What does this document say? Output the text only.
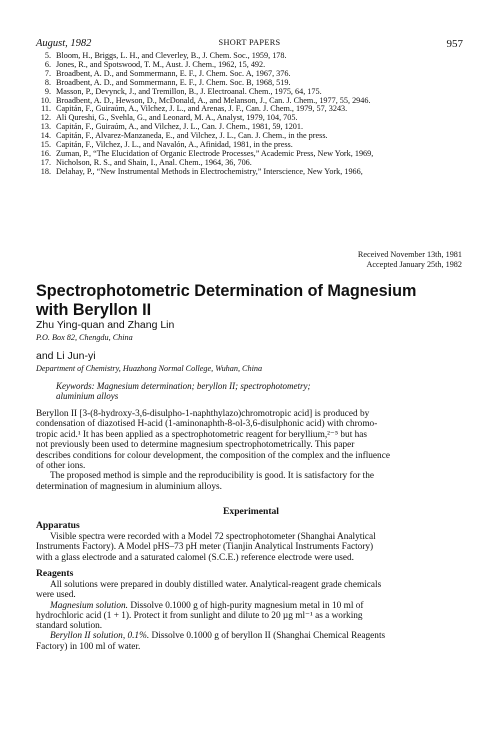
August, 1982	SHORT PAPERS	957
5. Bloom, H., Briggs, L. H., and Cleverley, B., J. Chem. Soc., 1959, 178.
6. Jones, R., and Spotswood, T. M., Aust. J. Chem., 1962, 15, 492.
7. Broadbent, A. D., and Sommermann, E. F., J. Chem. Soc. A, 1967, 376.
8. Broadbent, A. D., and Sommermann, E. F., J. Chem. Soc. B, 1968, 519.
9. Masson, P., Devynck, J., and Tremillon, B., J. Electroanal. Chem., 1975, 64, 175.
10. Broadbent, A. D., Hewson, D., McDonald, A., and Melanson, J., Can. J. Chem., 1977, 55, 2946.
11. Capitán, F., Guiraúm, A., Vilchez, J. L., and Arenas, J. F., Can. J. Chem., 1979, 57, 3243.
12. Ali Qureshi, G., Svehla, G., and Leonard, M. A., Analyst, 1979, 104, 705.
13. Capitán, F., Guiraúm, A., and Vilchez, J. L., Can. J. Chem., 1981, 59, 1201.
14. Capitán, F., Alvarez-Manzaneda, E., and Vilchez, J. L., Can. J. Chem., in the press.
15. Capitán, F., Vilchez, J. L., and Navalón, A., Afinidad, 1981, in the press.
16. Zuman, P., “The Elucidation of Organic Electrode Processes,” Academic Press, New York, 1969,
17. Nicholson, R. S., and Shain, I., Anal. Chem., 1964, 36, 706.
18. Delahay, P., “New Instrumental Methods in Electrochemistry,” Interscience, New York, 1966,
Received November 13th, 1981
Accepted January 25th, 1982
Spectrophotometric Determination of Magnesium
with Beryllon II
Zhu Ying-quan and Zhang Lin
P.O. Box 82, Chengdu, China
and Li Jun-yi
Department of Chemistry, Huazhong Normal College, Wuhan, China
Keywords: Magnesium determination; beryllon II; spectrophotometry;
aluminium alloys
Beryllon II [3-(8-hydroxy-3,6-disulpho-1-naphthylazo)chromotropic acid] is produced by
condensation of diazotised H-acid (1-aminonaphth-8-ol-3,6-disulphonic acid) with chromo-
tropic acid.¹ It has been applied as a spectrophotometric reagent for beryllium,²⁻⁵ but has
not previously been used to determine magnesium spectrophotometrically. This paper
describes conditions for colour development, the composition of the complex and the influence
of other ions.
The proposed method is simple and the reproducibility is good. It is satisfactory for the
determination of magnesium in aluminium alloys.
Experimental
Apparatus
Visible spectra were recorded with a Model 72 spectrophotometer (Shanghai Analytical
Instruments Factory). A Model pHS–73 pH meter (Tianjin Analytical Instruments Factory)
with a glass electrode and a saturated calomel (S.C.E.) reference electrode were used.
Reagents
All solutions were prepared in doubly distilled water. Analytical-reagent grade chemicals
were used.
Magnesium solution. Dissolve 0.1000 g of high-purity magnesium metal in 10 ml of
hydrochloric acid (1 + 1). Protect it from sunlight and dilute to 20 µg ml⁻¹ as a working
standard solution.
Beryllon II solution, 0.1%. Dissolve 0.1000 g of beryllon II (Shanghai Chemical Reagents
Factory) in 100 ml of water.
